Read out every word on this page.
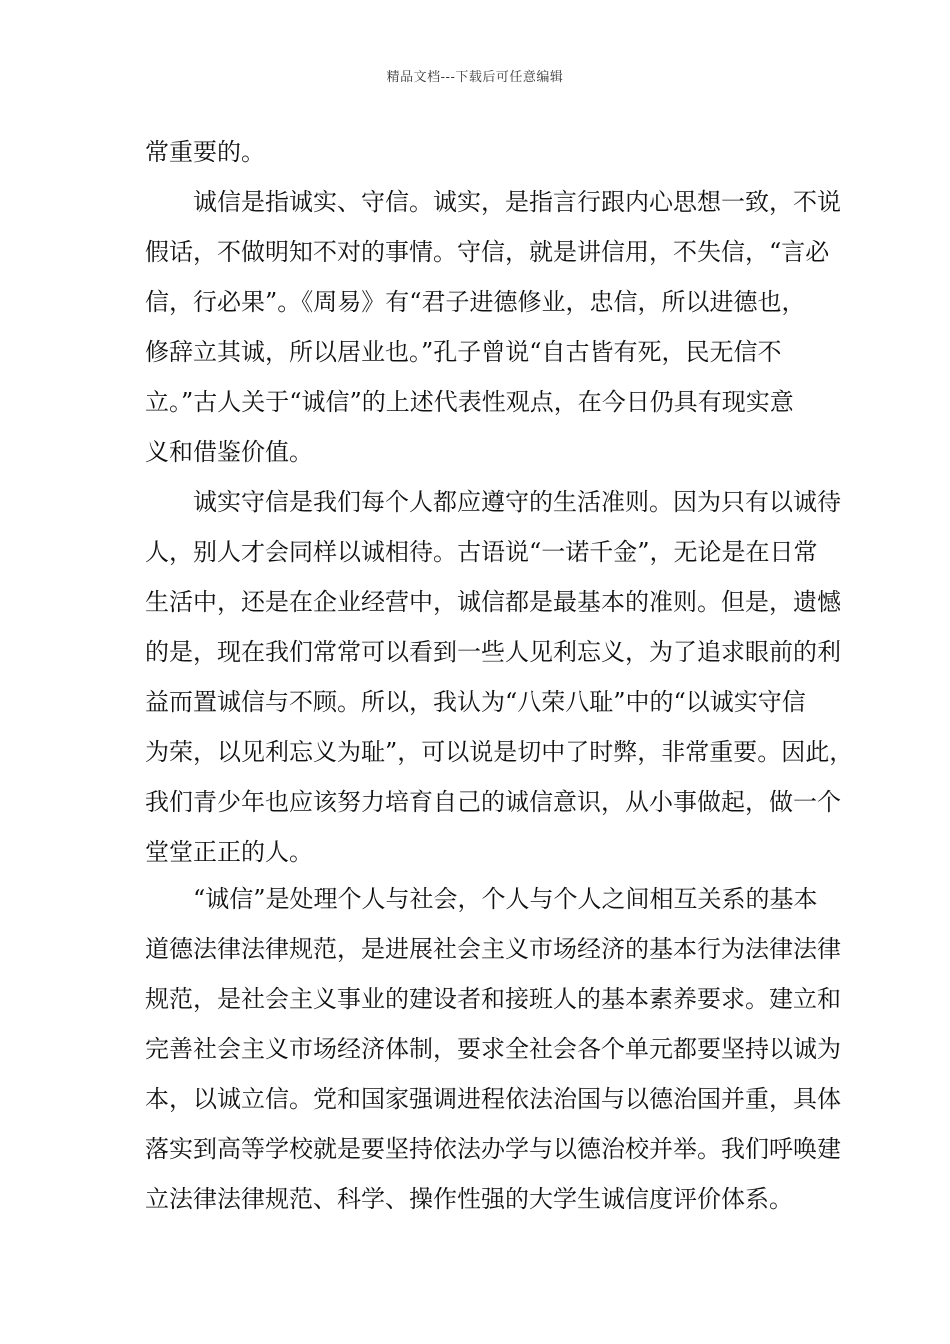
精品文档---下载后可任意编辑
常重要的。
诚信是指诚实、守信。诚实，是指言行跟内心思想一致，不说
假话，不做明知不对的事情。守信，就是讲信用，不失信，“言必
信，行必果”。《周易》有“君子进德修业，忠信，所以进德也，
修辞立其诚，所以居业也。”孔子曾说“自古皆有死，民无信不
立。”古人关于“诚信”的上述代表性观点，在今日仍具有现实意
义和借鉴价值。
诚实守信是我们每个人都应遵守的生活准则。因为只有以诚待
人，别人才会同样以诚相待。古语说“一诺千金”，无论是在日常
生活中，还是在企业经营中，诚信都是最基本的准则。但是，遗憾
的是，现在我们常常可以看到一些人见利忘义，为了追求眼前的利
益而置诚信与不顾。所以，我认为“八荣八耻”中的“以诚实守信
为荣，以见利忘义为耻”，可以说是切中了时弊，非常重要。因此，
我们青少年也应该努力培育自己的诚信意识，从小事做起，做一个
堂堂正正的人。
“诚信”是处理个人与社会，个人与个人之间相互关系的基本
道德法律法律规范，是进展社会主义市场经济的基本行为法律法律
规范，是社会主义事业的建设者和接班人的基本素养要求。建立和
完善社会主义市场经济体制，要求全社会各个单元都要坚持以诚为
本，以诚立信。党和国家强调进程依法治国与以德治国并重，具体
落实到高等学校就是要坚持依法办学与以德治校并举。我们呼唤建
立法律法律规范、科学、操作性强的大学生诚信度评价体系。
